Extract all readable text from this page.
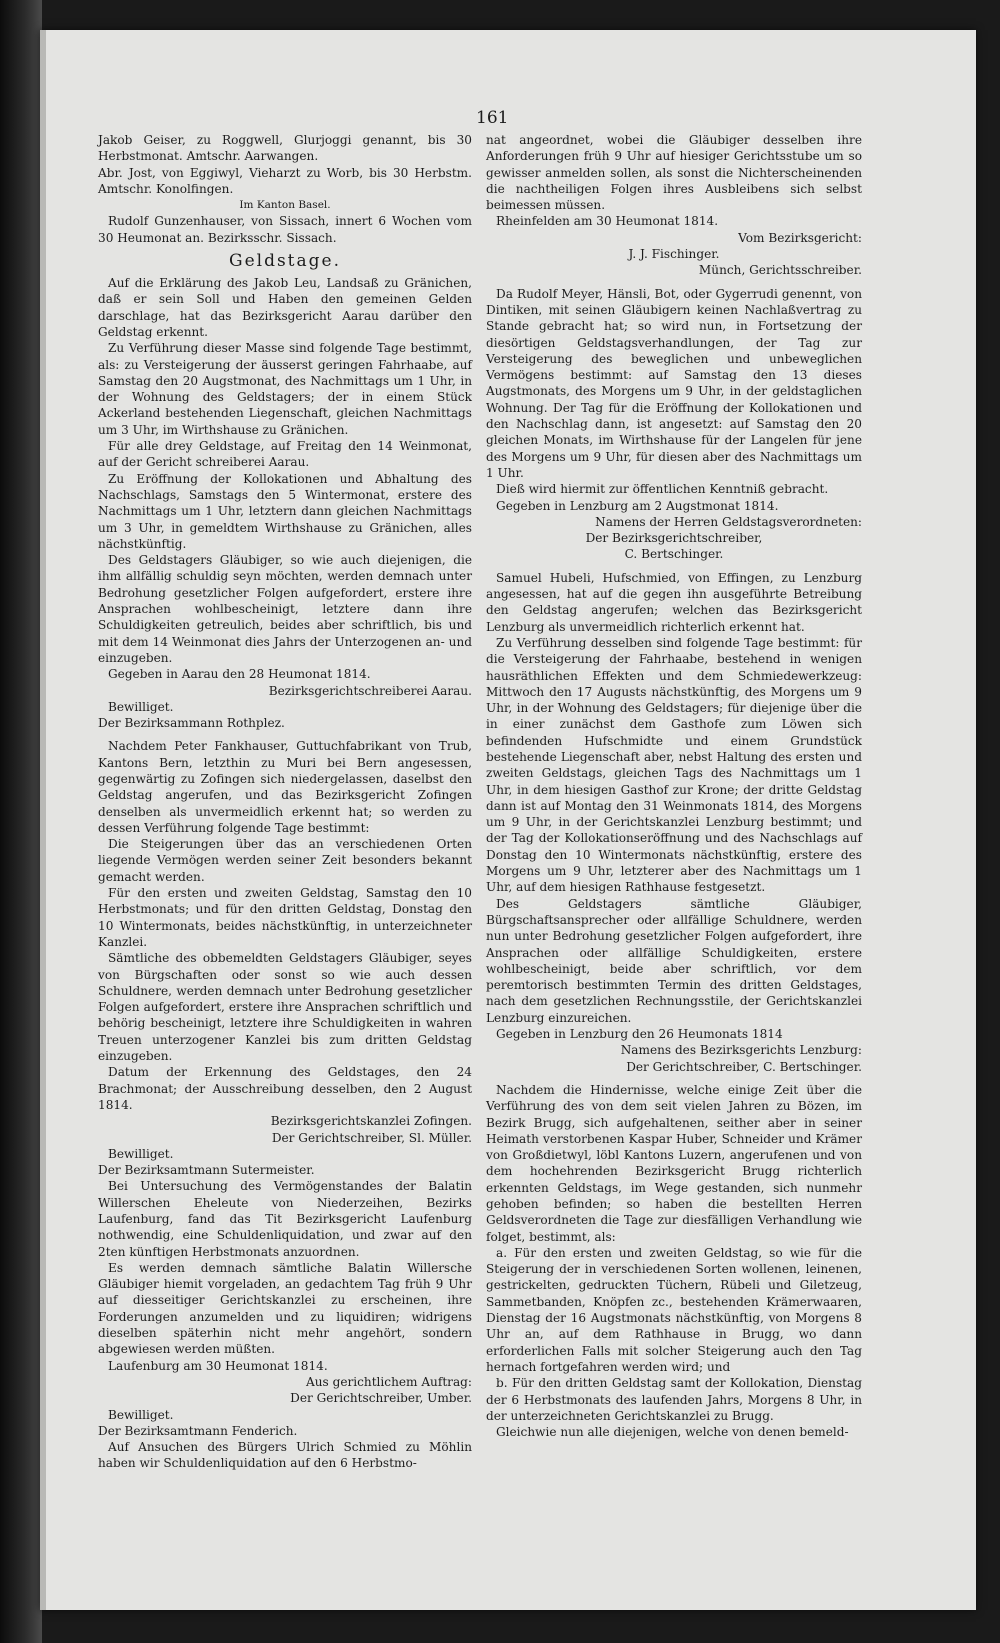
161

Jakob Geiser, zu Roggwell, Glurjoggi genannt, bis 30 Herbstmonat. Amtschr. Aarwangen.

Abr. Jost, von Eggiwyl, Vieharzt zu Worb, bis 30 Herbstm. Amtschr. Konolfingen.

Im Kanton Basel.

Rudolf Gunzenhauser, von Sissach, innert 6 Wochen vom 30 Heumonat an. Bezirksschr. Sissach.

Geldstage.

Auf die Erklärung des Jakob Leu, Landsaß zu Gränichen, daß er sein Soll und Haben den gemeinen Gelden darschlage, hat das Bezirksgericht Aarau darüber den Geldstag erkennt.

Zu Verführung dieser Masse sind folgende Tage bestimmt, als: zu Versteigerung der äusserst geringen Fahrhaabe, auf Samstag den 20 Augstmonat, des Nachmittags um 1 Uhr, in der Wohnung des Geldstagers; der in einem Stück Ackerland bestehenden Liegenschaft, gleichen Nachmittags um 3 Uhr, im Wirthshause zu Gränichen.

Für alle drey Geldstage, auf Freitag den 14 Weinmonat, auf der Gericht schreiberei Aarau.

Zu Eröffnung der Kollokationen und Abhaltung des Nachschlags, Samstags den 5 Wintermonat, erstere des Nachmittags um 1 Uhr, letztern dann gleichen Nachmittags um 3 Uhr, in gemeldtem Wirthshause zu Gränichen, alles nächstkünftig.

Des Geldstagers Gläubiger, so wie auch diejenigen, die ihm allfällig schuldig seyn möchten, werden demnach unter Bedrohung gesetzlicher Folgen aufgefordert, erstere ihre Ansprachen wohlbescheinigt, letztere dann ihre Schuldigkeiten getreulich, beides aber schriftlich, bis und mit dem 14 Weinmonat dies Jahrs der Unterzogenen an- und einzugeben.

Gegeben in Aarau den 28 Heumonat 1814.

Bezirksgerichtschreiberei Aarau.

Bewilliget.

Der Bezirksammann Rothplez.

Nachdem Peter Fankhauser, Guttuchfabrikant von Trub, Kantons Bern, letzthin zu Muri bei Bern angesessen, gegenwärtig zu Zofingen sich niedergelassen, daselbst den Geldstag angerufen, und das Bezirksgericht Zofingen denselben als unvermeidlich erkennt hat; so werden zu dessen Verführung folgende Tage bestimmt:

Die Steigerungen über das an verschiedenen Orten liegende Vermögen werden seiner Zeit besonders bekannt gemacht werden.

Für den ersten und zweiten Geldstag, Samstag den 10 Herbstmonats; und für den dritten Geldstag, Donstag den 10 Wintermonats, beides nächstkünftig, in unterzeichneter Kanzlei.

Sämtliche des obbemeldten Geldstagers Gläubiger, seyes von Bürgschaften oder sonst so wie auch dessen Schuldnere, werden demnach unter Bedrohung gesetzlicher Folgen aufgefordert, erstere ihre Ansprachen schriftlich und behörig bescheinigt, letztere ihre Schuldigkeiten in wahren Treuen unterzogener Kanzlei bis zum dritten Geldstag einzugeben.

Datum der Erkennung des Geldstages, den 24 Brachmonat; der Ausschreibung desselben, den 2 August 1814.

Bezirksgerichtskanzlei Zofingen.

Der Gerichtschreiber, Sl. Müller.

Bewilliget.

Der Bezirksamtmann Sutermeister.

Bei Untersuchung des Vermögenstandes der Balatin Willerschen Eheleute von Niederzeihen, Bezirks Laufenburg, fand das Tit Bezirksgericht Laufenburg nothwendig, eine Schuldenliquidation, und zwar auf den 2ten künftigen Herbstmonats anzuordnen.

Es werden demnach sämtliche Balatin Willersche Gläubiger hiemit vorgeladen, an gedachtem Tag früh 9 Uhr auf diesseitiger Gerichtskanzlei zu erscheinen, ihre Forderungen anzumelden und zu liquidiren; widrigens dieselben späterhin nicht mehr angehört, sondern abgewiesen werden müßten.

Laufenburg am 30 Heumonat 1814.

Aus gerichtlichem Auftrag:

Der Gerichtschreiber, Umber.

Bewilliget.

Der Bezirksamtmann Fenderich.

Auf Ansuchen des Bürgers Ulrich Schmied zu Möhlin haben wir Schuldenliquidation auf den 6 Herbstmo-

nat angeordnet, wobei die Gläubiger desselben ihre Anforderungen früh 9 Uhr auf hiesiger Gerichtsstube um so gewisser anmelden sollen, als sonst die Nichterscheinenden die nachtheiligen Folgen ihres Ausbleibens sich selbst beimessen müssen.

Rheinfelden am 30 Heumonat 1814.

Vom Bezirksgericht:

J. J. Fischinger.

Münch, Gerichtsschreiber.

Da Rudolf Meyer, Hänsli, Bot, oder Gygerrudi genennt, von Dintiken, mit seinen Gläubigern keinen Nachlaßvertrag zu Stande gebracht hat; so wird nun, in Fortsetzung der diesörtigen Geldstagsverhandlungen, der Tag zur Versteigerung des beweglichen und unbeweglichen Vermögens bestimmt: auf Samstag den 13 dieses Augstmonats, des Morgens um 9 Uhr, in der geldstaglichen Wohnung. Der Tag für die Eröffnung der Kollokationen und den Nachschlag dann, ist angesetzt: auf Samstag den 20 gleichen Monats, im Wirthshause für der Langelen für jene des Morgens um 9 Uhr, für diesen aber des Nachmittags um 1 Uhr.

Dieß wird hiermit zur öffentlichen Kenntniß gebracht.

Gegeben in Lenzburg am 2 Augstmonat 1814.

Namens der Herren Geldstagsverordneten:

Der Bezirksgerichtschreiber,

C. Bertschinger.

Samuel Hubeli, Hufschmied, von Effingen, zu Lenzburg angesessen, hat auf die gegen ihn ausgeführte Betreibung den Geldstag angerufen; welchen das Bezirksgericht Lenzburg als unvermeidlich richterlich erkennt hat.

Zu Verführung desselben sind folgende Tage bestimmt: für die Versteigerung der Fahrhaabe, bestehend in wenigen hausräthlichen Effekten und dem Schmiedewerkzeug: Mittwoch den 17 Augusts nächstkünftig, des Morgens um 9 Uhr, in der Wohnung des Geldstagers; für diejenige über die in einer zunächst dem Gasthofe zum Löwen sich befindenden Hufschmidte und einem Grundstück bestehende Liegenschaft aber, nebst Haltung des ersten und zweiten Geldstags, gleichen Tags des Nachmittags um 1 Uhr, in dem hiesigen Gasthof zur Krone; der dritte Geldstag dann ist auf Montag den 31 Weinmonats 1814, des Morgens um 9 Uhr, in der Gerichtskanzlei Lenzburg bestimmt; und der Tag der Kollokationseröffnung und des Nachschlags auf Donstag den 10 Wintermonats nächstkünftig, erstere des Morgens um 9 Uhr, letzterer aber des Nachmittags um 1 Uhr, auf dem hiesigen Rathhause festgesetzt.

Des Geldstagers sämtliche Gläubiger, Bürgschaftsansprecher oder allfällige Schuldnere, werden nun unter Bedrohung gesetzlicher Folgen aufgefordert, ihre Ansprachen oder allfällige Schuldigkeiten, erstere wohlbescheinigt, beide aber schriftlich, vor dem peremtorisch bestimmten Termin des dritten Geldstages, nach dem gesetzlichen Rechnungsstile, der Gerichtskanzlei Lenzburg einzureichen.

Gegeben in Lenzburg den 26 Heumonats 1814

Namens des Bezirksgerichts Lenzburg:

Der Gerichtschreiber, C. Bertschinger.

Nachdem die Hindernisse, welche einige Zeit über die Verführung des von dem seit vielen Jahren zu Bözen, im Bezirk Brugg, sich aufgehaltenen, seither aber in seiner Heimath verstorbenen Kaspar Huber, Schneider und Krämer von Großdietwyl, löbl Kantons Luzern, angerufenen und von dem hochehrenden Bezirksgericht Brugg richterlich erkennten Geldstags, im Wege gestanden, sich nunmehr gehoben befinden; so haben die bestellten Herren Geldsverordneten die Tage zur diesfälligen Verhandlung wie folget, bestimmt, als:

a. Für den ersten und zweiten Geldstag, so wie für die Steigerung der in verschiedenen Sorten wollenen, leinenen, gestrickelten, gedruckten Tüchern, Rübeli und Giletzeug, Sammetbanden, Knöpfen zc., bestehenden Krämerwaaren, Dienstag der 16 Augstmonats nächstkünftig, von Morgens 8 Uhr an, auf dem Rathhause in Brugg, wo dann erforderlichen Falls mit solcher Steigerung auch den Tag hernach fortgefahren werden wird; und

b. Für den dritten Geldstag samt der Kollokation, Dienstag der 6 Herbstmonats des laufenden Jahrs, Morgens 8 Uhr, in der unterzeichneten Gerichtskanzlei zu Brugg.

Gleichwie nun alle diejenigen, welche von denen bemeld-
